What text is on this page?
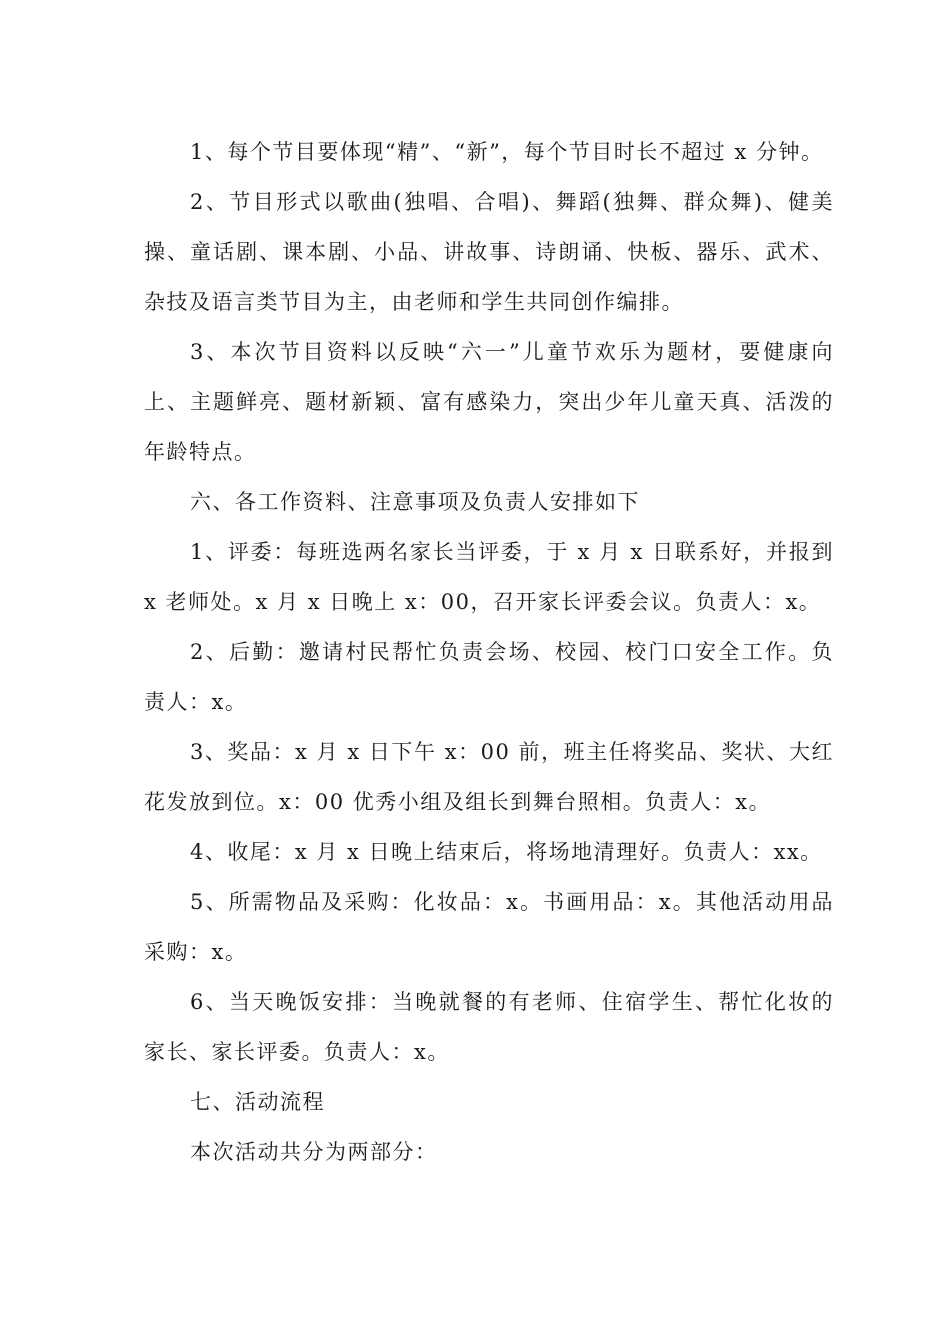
1、每个节目要体现“精”、“新”，每个节目时长不超过 x 分钟。

2、节目形式以歌曲(独唱、合唱)、舞蹈(独舞、群众舞)、健美操、童话剧、课本剧、小品、讲故事、诗朗诵、快板、器乐、武术、杂技及语言类节目为主，由老师和学生共同创作编排。

3、本次节目资料以反映“六一”儿童节欢乐为题材，要健康向上、主题鲜亮、题材新颖、富有感染力，突出少年儿童天真、活泼的年龄特点。

六、各工作资料、注意事项及负责人安排如下

1、评委：每班选两名家长当评委，于 x 月 x 日联系好，并报到 x 老师处。x 月 x 日晚上 x：00，召开家长评委会议。负责人：x。

2、后勤：邀请村民帮忙负责会场、校园、校门口安全工作。负责人：x。

3、奖品：x 月 x 日下午 x：00 前，班主任将奖品、奖状、大红花发放到位。x：00 优秀小组及组长到舞台照相。负责人：x。

4、收尾：x 月 x 日晚上结束后，将场地清理好。负责人：xx。

5、所需物品及采购：化妆品：x。书画用品：x。其他活动用品采购：x。

6、当天晚饭安排：当晚就餐的有老师、住宿学生、帮忙化妆的家长、家长评委。负责人：x。

七、活动流程

本次活动共分为两部分：
